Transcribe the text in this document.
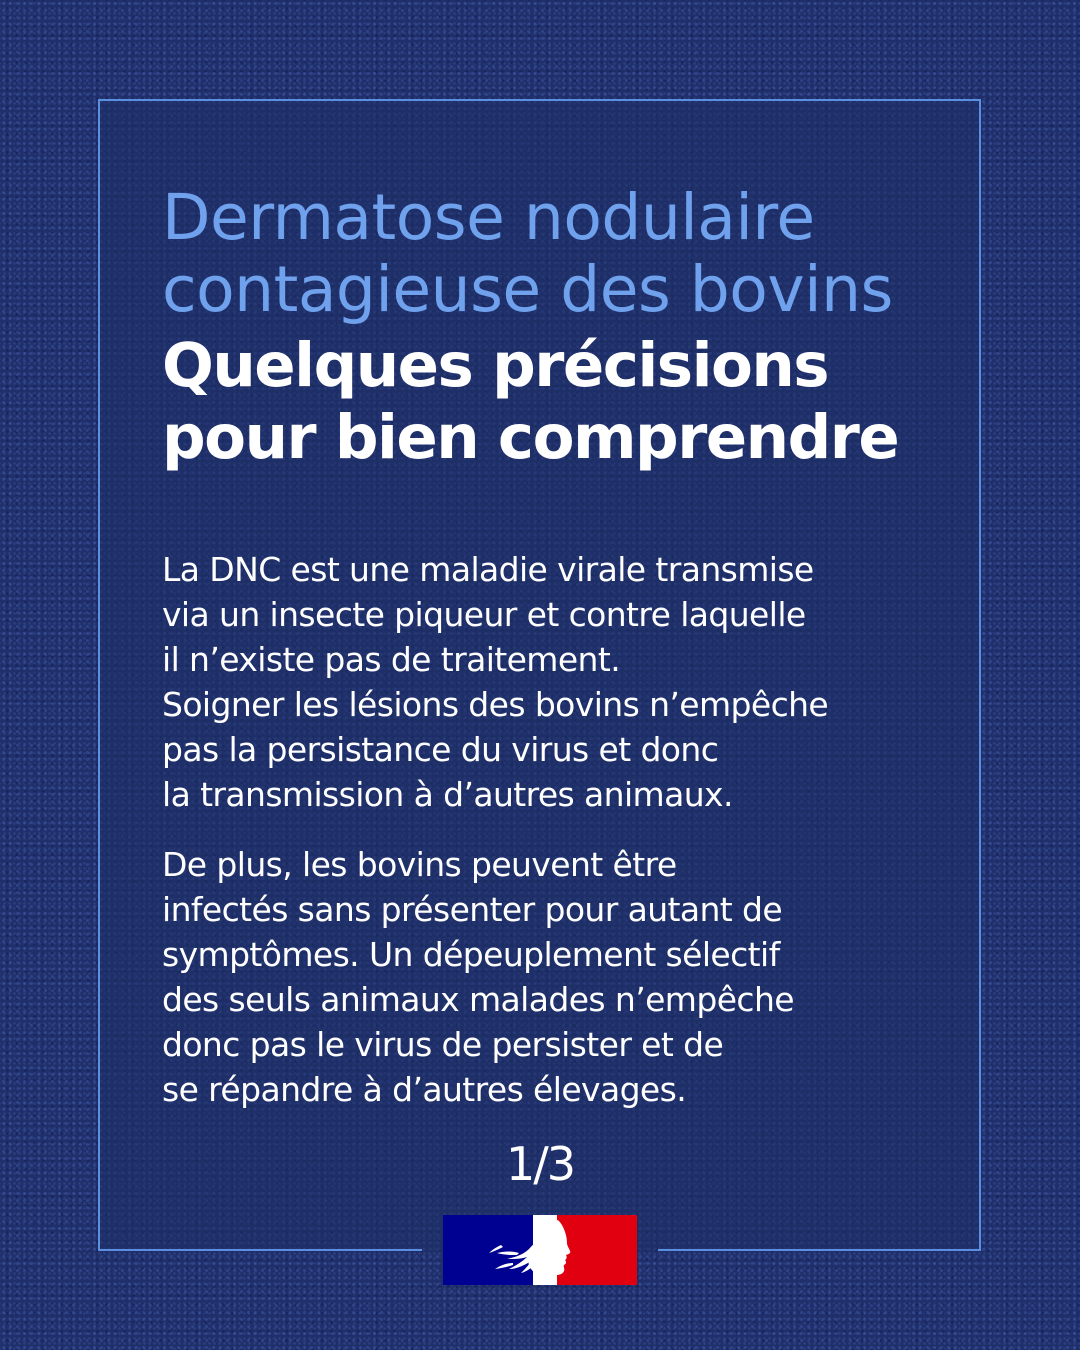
Dermatose nodulaire
contagieuse des bovins
Quelques précisions
pour bien comprendre

La DNC est une maladie virale transmise
via un insecte piqueur et contre laquelle
il n’existe pas de traitement.
Soigner les lésions des bovins n’empêche
pas la persistance du virus et donc
la transmission à d’autres animaux.

De plus, les bovins peuvent être
infectés sans présenter pour autant de
symptômes. Un dépeuplement sélectif
des seuls animaux malades n’empêche
donc pas le virus de persister et de
se répandre à d’autres élevages.

1/3
